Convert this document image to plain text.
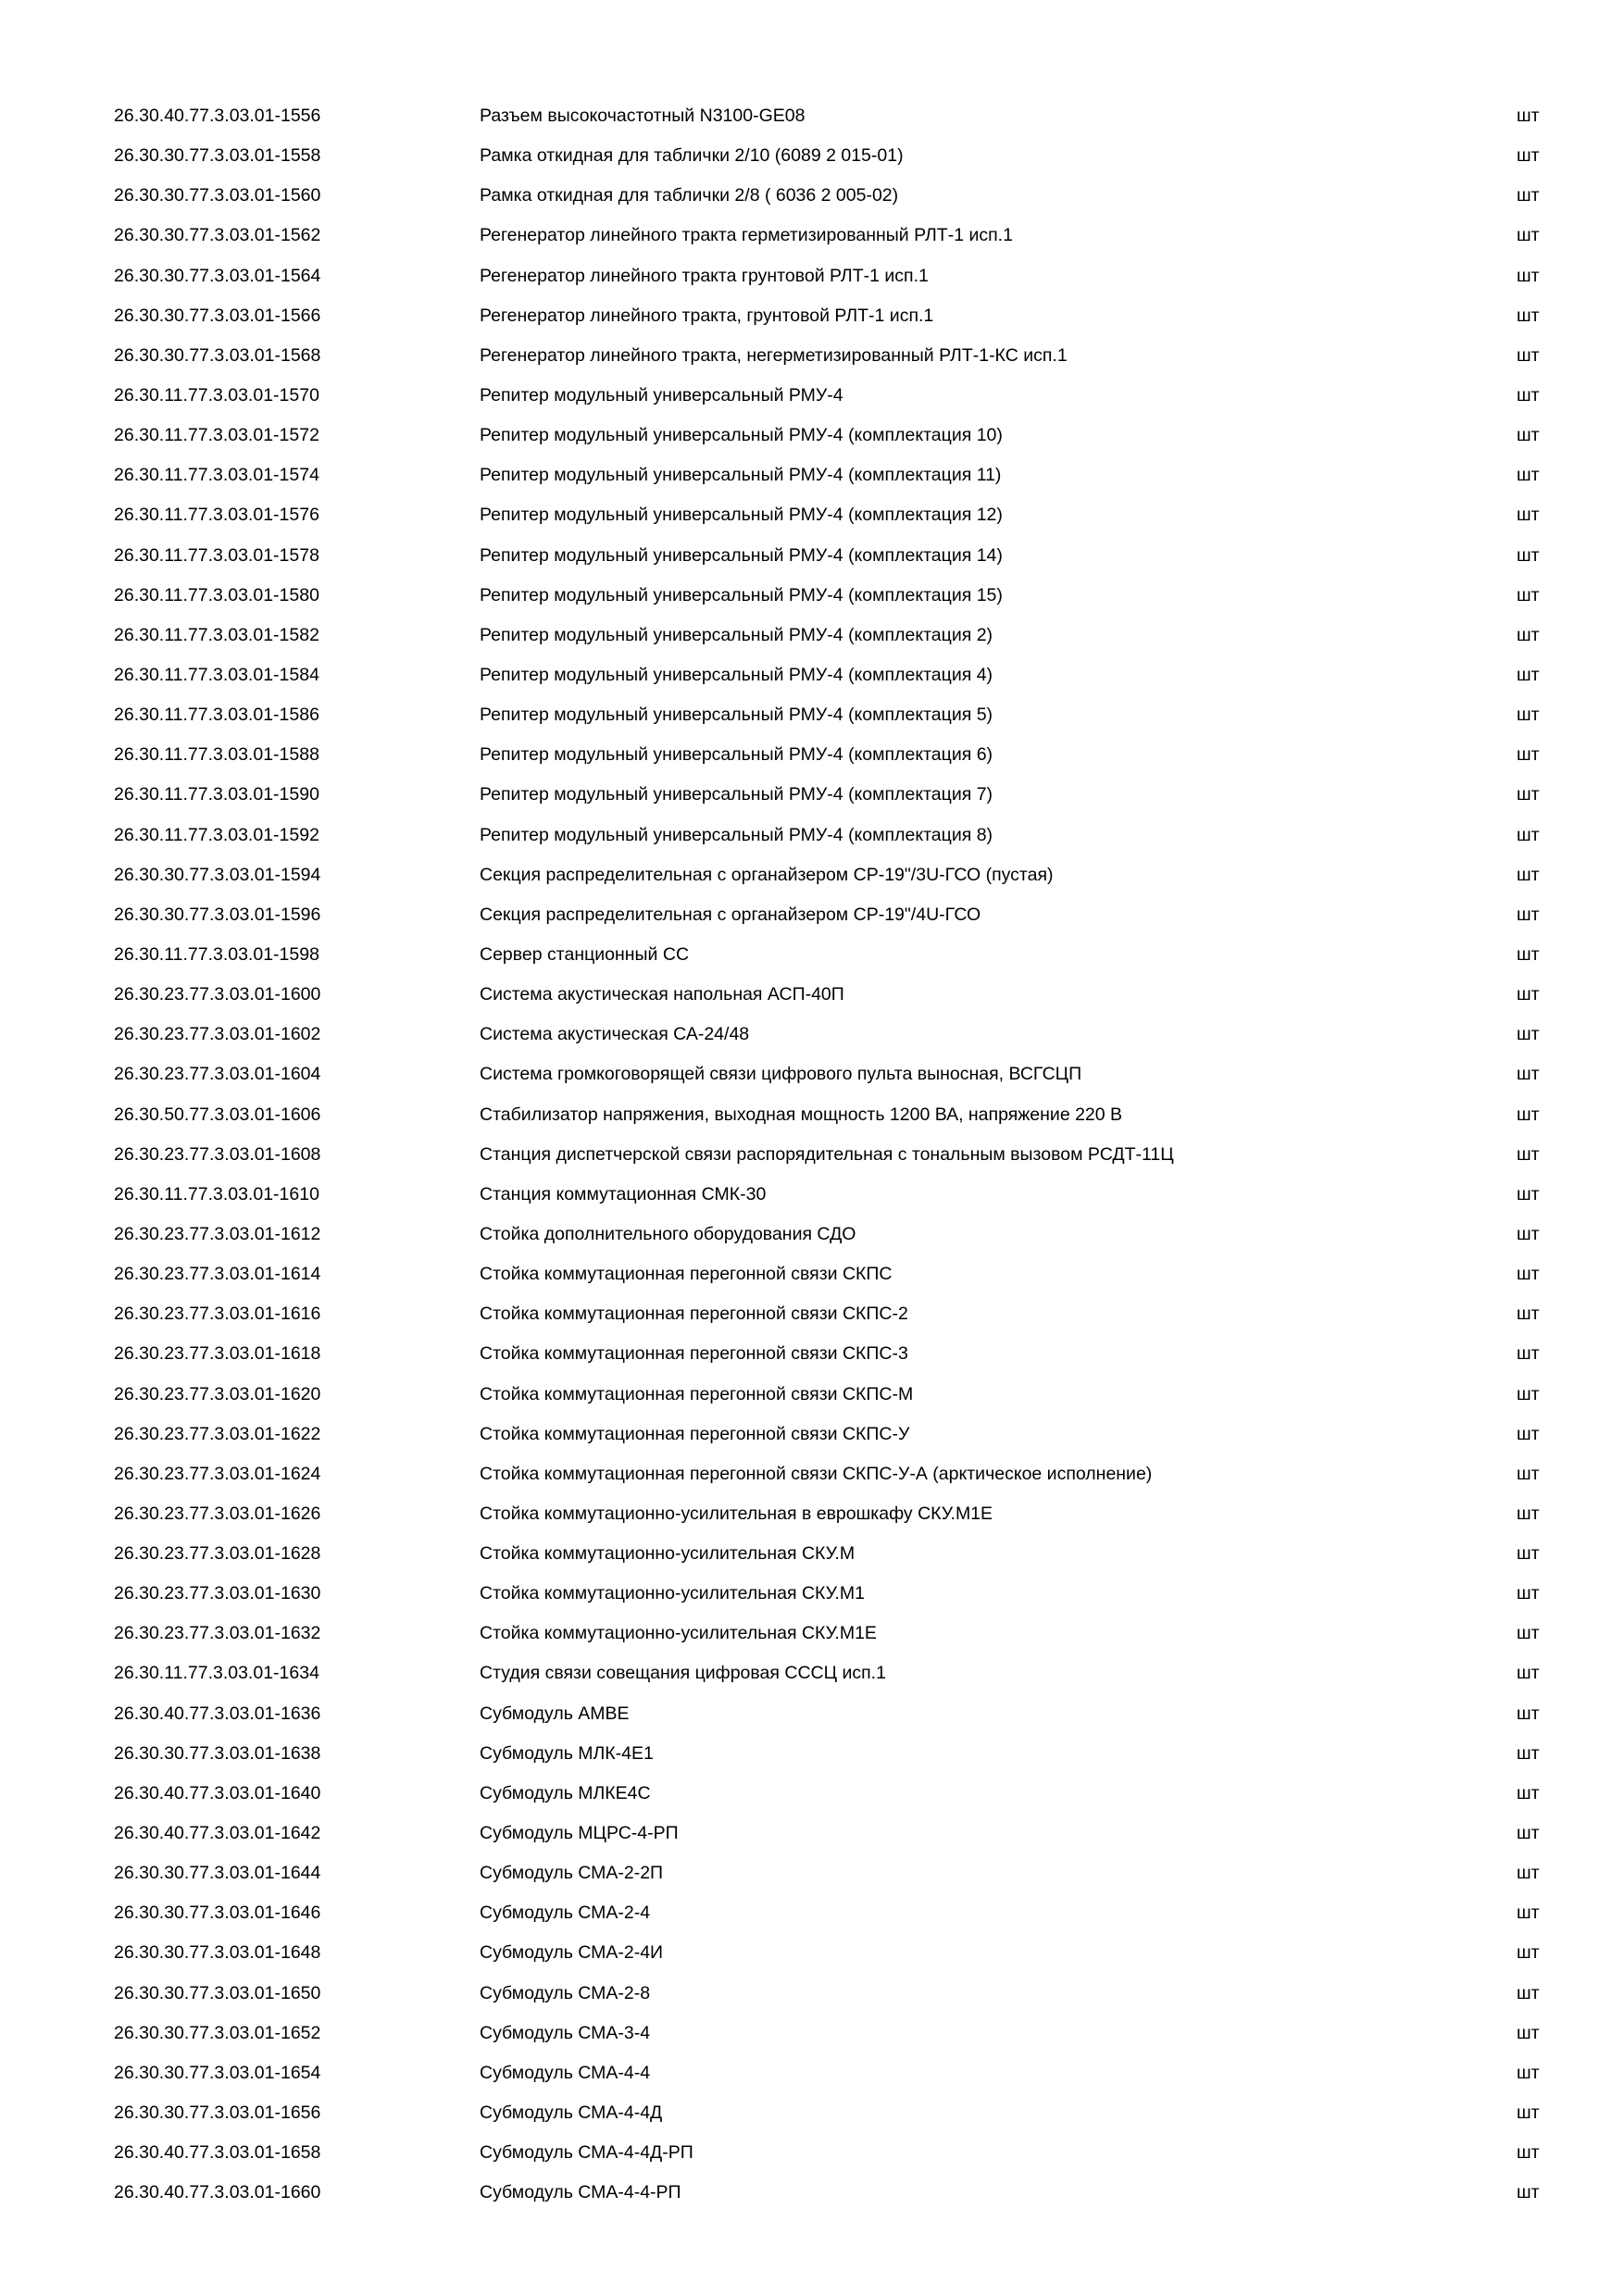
26.30.40.77.3.03.01-1556	Разъем высокочастотный N3100-GE08	шт
26.30.30.77.3.03.01-1558	Рамка откидная для таблички 2/10 (6089 2 015-01)	шт
26.30.30.77.3.03.01-1560	Рамка откидная для таблички 2/8 ( 6036 2 005-02)	шт
26.30.30.77.3.03.01-1562	Регенератор линейного тракта герметизированный РЛТ-1 исп.1	шт
26.30.30.77.3.03.01-1564	Регенератор линейного тракта грунтовой РЛТ-1 исп.1	шт
26.30.30.77.3.03.01-1566	Регенератор линейного тракта, грунтовой РЛТ-1 исп.1	шт
26.30.30.77.3.03.01-1568	Регенератор линейного тракта, негерметизированный РЛТ-1-КС исп.1	шт
26.30.11.77.3.03.01-1570	Репитер модульный универсальный РМУ-4	шт
26.30.11.77.3.03.01-1572	Репитер модульный универсальный РМУ-4 (комплектация 10)	шт
26.30.11.77.3.03.01-1574	Репитер модульный универсальный РМУ-4 (комплектация 11)	шт
26.30.11.77.3.03.01-1576	Репитер модульный универсальный РМУ-4 (комплектация 12)	шт
26.30.11.77.3.03.01-1578	Репитер модульный универсальный РМУ-4 (комплектация 14)	шт
26.30.11.77.3.03.01-1580	Репитер модульный универсальный РМУ-4 (комплектация 15)	шт
26.30.11.77.3.03.01-1582	Репитер модульный универсальный РМУ-4 (комплектация 2)	шт
26.30.11.77.3.03.01-1584	Репитер модульный универсальный РМУ-4 (комплектация 4)	шт
26.30.11.77.3.03.01-1586	Репитер модульный универсальный РМУ-4 (комплектация 5)	шт
26.30.11.77.3.03.01-1588	Репитер модульный универсальный РМУ-4 (комплектация 6)	шт
26.30.11.77.3.03.01-1590	Репитер модульный универсальный РМУ-4 (комплектация 7)	шт
26.30.11.77.3.03.01-1592	Репитер модульный универсальный РМУ-4 (комплектация 8)	шт
26.30.30.77.3.03.01-1594	Секция распределительная с органайзером СР-19"/3U-ГСО (пустая)	шт
26.30.30.77.3.03.01-1596	Секция распределительная с органайзером СР-19"/4U-ГСО	шт
26.30.11.77.3.03.01-1598	Сервер станционный СС	шт
26.30.23.77.3.03.01-1600	Система акустическая напольная АСП-40П	шт
26.30.23.77.3.03.01-1602	Система акустическая СА-24/48	шт
26.30.23.77.3.03.01-1604	Система громкоговорящей связи цифрового пульта выносная, ВСГСЦП	шт
26.30.50.77.3.03.01-1606	Стабилизатор напряжения, выходная мощность 1200 ВА, напряжение 220 В	шт
26.30.23.77.3.03.01-1608	Станция диспетчерской связи распорядительная с тональным вызовом РСДТ-11Ц	шт
26.30.11.77.3.03.01-1610	Станция коммутационная СМК-30	шт
26.30.23.77.3.03.01-1612	Стойка дополнительного оборудования СДО	шт
26.30.23.77.3.03.01-1614	Стойка коммутационная перегонной связи СКПС	шт
26.30.23.77.3.03.01-1616	Стойка коммутационная перегонной связи СКПС-2	шт
26.30.23.77.3.03.01-1618	Стойка коммутационная перегонной связи СКПС-3	шт
26.30.23.77.3.03.01-1620	Стойка коммутационная перегонной связи СКПС-М	шт
26.30.23.77.3.03.01-1622	Стойка коммутационная перегонной связи СКПС-У	шт
26.30.23.77.3.03.01-1624	Стойка коммутационная перегонной связи СКПС-У-А (арктическое исполнение)	шт
26.30.23.77.3.03.01-1626	Стойка коммутационно-усилительная в еврошкафу СКУ.М1Е	шт
26.30.23.77.3.03.01-1628	Стойка коммутационно-усилительная СКУ.М	шт
26.30.23.77.3.03.01-1630	Стойка коммутационно-усилительная СКУ.М1	шт
26.30.23.77.3.03.01-1632	Стойка коммутационно-усилительная СКУ.М1Е	шт
26.30.11.77.3.03.01-1634	Студия связи совещания цифровая СССЦ исп.1	шт
26.30.40.77.3.03.01-1636	Субмодуль AMBE	шт
26.30.30.77.3.03.01-1638	Субмодуль МЛК-4Е1	шт
26.30.40.77.3.03.01-1640	Субмодуль МЛКЕ4С	шт
26.30.40.77.3.03.01-1642	Субмодуль МЦРС-4-РП	шт
26.30.30.77.3.03.01-1644	Субмодуль СМА-2-2П	шт
26.30.30.77.3.03.01-1646	Субмодуль СМА-2-4	шт
26.30.30.77.3.03.01-1648	Субмодуль СМА-2-4И	шт
26.30.30.77.3.03.01-1650	Субмодуль СМА-2-8	шт
26.30.30.77.3.03.01-1652	Субмодуль СМА-3-4	шт
26.30.30.77.3.03.01-1654	Субмодуль СМА-4-4	шт
26.30.30.77.3.03.01-1656	Субмодуль СМА-4-4Д	шт
26.30.40.77.3.03.01-1658	Субмодуль СМА-4-4Д-РП	шт
26.30.40.77.3.03.01-1660	Субмодуль СМА-4-4-РП	шт
